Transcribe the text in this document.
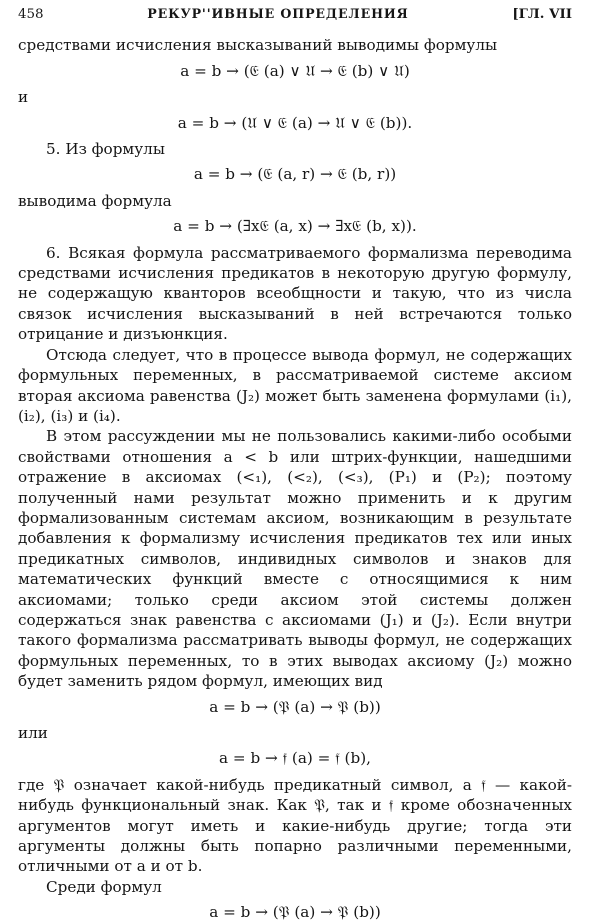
458	РЕКУР''ИВНЫЕ ОПРЕДЕЛЕНИЯ	[ГЛ. VII

средствами исчисления высказываний выводимы формулы

a = b → (𝔈 (a) ∨ 𝔘 → 𝔈 (b) ∨ 𝔘)

и

a = b → (𝔘 ∨ 𝔈 (a) → 𝔘 ∨ 𝔈 (b)).

5. Из формулы

a = b → (𝔈 (a, r) → 𝔈 (b, r))

выводима формула

a = b → (∃x𝔈 (a, x) → ∃x𝔈 (b, x)).

6. Всякая формула рассматриваемого формализма переводима средствами исчисления предикатов в некоторую другую формулу, не содержащую кванторов всеобщности и такую, что из числа связок исчисления высказываний в ней встречаются только отрицание и дизъюнкция.

Отсюда следует, что в процессе вывода формул, не содержащих формульных переменных, в рассматриваемой системе аксиом вторая аксиома равенства (J₂) может быть заменена формулами (i₁), (i₂), (i₃) и (i₄).

В этом рассуждении мы не пользовались какими-либо особыми свойствами отношения a < b или штрих-функции, нашедшими отражение в аксиомах (<₁), (<₂), (<₃), (P₁) и (P₂); поэтому полученный нами результат можно применить и к другим формализованным системам аксиом, возникающим в результате добавления к формализму исчисления предикатов тех или иных предикатных символов, индивидных символов и знаков для математических функций вместе с относящимися к ним аксиомами; только среди аксиом этой системы должен содержаться знак равенства с аксиомами (J₁) и (J₂). Если внутри такого формализма рассматривать выводы формул, не содержащих формульных переменных, то в этих выводах аксиому (J₂) можно будет заменить рядом формул, имеющих вид

a = b → (𝔓 (a) → 𝔓 (b))

или

a = b → 𝔣 (a) = 𝔣 (b),

где 𝔓 означает какой-нибудь предикатный символ, а 𝔣 — какой-нибудь функциональный знак. Как 𝔓, так и 𝔣 кроме обозначенных аргументов могут иметь и какие-нибудь другие; тогда эти аргументы должны быть попарно различными переменными, отличными от a и от b.

Среди формул

a = b → (𝔓 (a) → 𝔓 (b))
